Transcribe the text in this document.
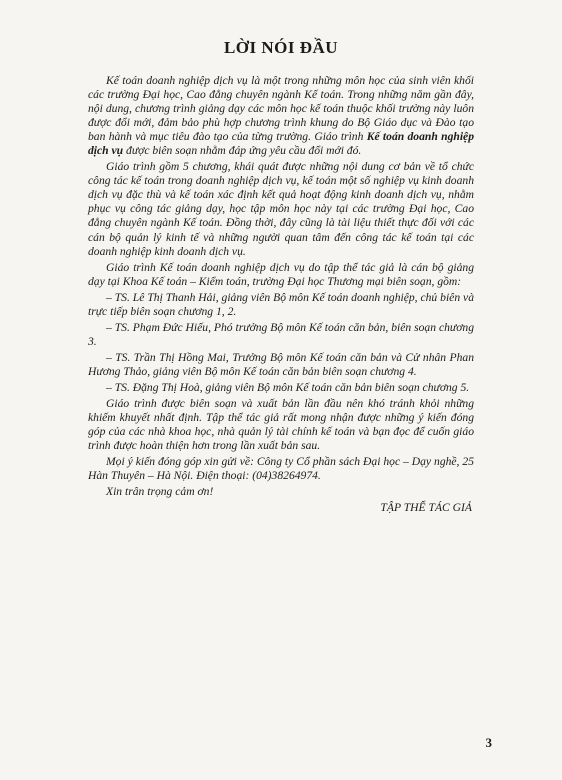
LỜI NÓI ĐẦU

Kế toán doanh nghiệp dịch vụ là một trong những môn học của sinh viên khối các trường Đại học, Cao đẳng chuyên ngành Kế toán. Trong những năm gần đây, nội dung, chương trình giảng dạy các môn học kế toán thuộc khối trường này luôn được đổi mới, đảm bảo phù hợp chương trình khung do Bộ Giáo dục và Đào tạo ban hành và mục tiêu đào tạo của từng trường. Giáo trình Kế toán doanh nghiệp dịch vụ được biên soạn nhằm đáp ứng yêu cầu đổi mới đó.

Giáo trình gồm 5 chương, khái quát được những nội dung cơ bản về tổ chức công tác kế toán trong doanh nghiệp dịch vụ, kế toán một số nghiệp vụ kinh doanh dịch vụ đặc thù và kế toán xác định kết quả hoạt động kinh doanh dịch vụ, nhằm phục vụ công tác giảng dạy, học tập môn học này tại các trường Đại học, Cao đẳng chuyên ngành Kế toán. Đồng thời, đây cũng là tài liệu thiết thực đối với các cán bộ quản lý kinh tế và những người quan tâm đến công tác kế toán tại các doanh nghiệp kinh doanh dịch vụ.

Giáo trình Kế toán doanh nghiệp dịch vụ do tập thể tác giả là cán bộ giảng dạy tại Khoa Kế toán – Kiểm toán, trường Đại học Thương mại biên soạn, gồm:

– TS. Lê Thị Thanh Hải, giảng viên Bộ môn Kế toán doanh nghiệp, chủ biên và trực tiếp biên soạn chương 1, 2.

– TS. Phạm Đức Hiếu, Phó trưởng Bộ môn Kế toán căn bản, biên soạn chương 3.

– TS. Trần Thị Hồng Mai, Trưởng Bộ môn Kế toán căn bản và Cử nhân Phan Hương Thảo, giảng viên Bộ môn Kế toán căn bản biên soạn chương 4.

– TS. Đặng Thị Hoà, giảng viên Bộ môn Kế toán căn bản biên soạn chương 5.

Giáo trình được biên soạn và xuất bản lần đầu nên khó tránh khỏi những khiếm khuyết nhất định. Tập thể tác giả rất mong nhận được những ý kiến đóng góp của các nhà khoa học, nhà quản lý tài chính kế toán và bạn đọc để cuốn giáo trình được hoàn thiện hơn trong lần xuất bản sau.

Mọi ý kiến đóng góp xin gửi về: Công ty Cổ phần sách Đại học – Dạy nghề, 25 Hàn Thuyên – Hà Nội. Điện thoại: (04)38264974.

Xin trân trọng cảm ơn!

TẬP THỂ TÁC GIẢ

3
